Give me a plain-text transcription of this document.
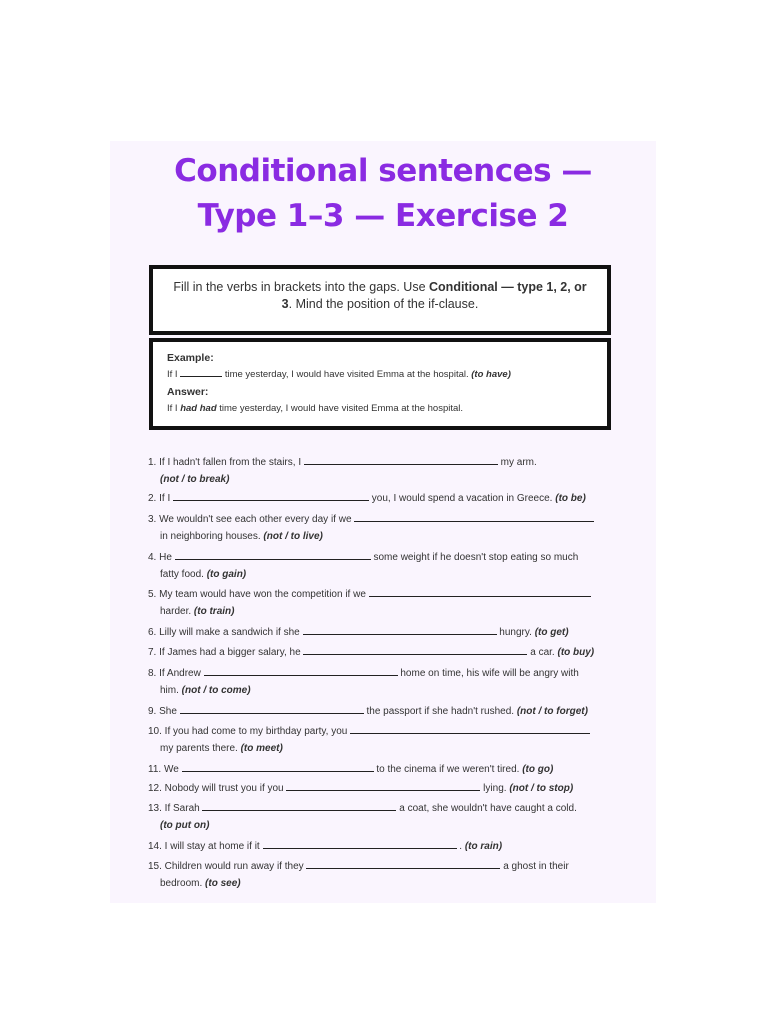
Conditional sentences —
Type 1–3 — Exercise 2
Fill in the verbs in brackets into the gaps. Use Conditional — type 1, 2, or 3. Mind the position of the if-clause.
Example:
If I	time yesterday, I would have visited Emma at the hospital. (to have)
Answer:
If I had had time yesterday, I would have visited Emma at the hospital.
1. If I hadn't fallen from the stairs, I	my arm.
(not / to break)
2. If I	you, I would spend a vacation in Greece. (to be)
3. We wouldn't see each other every day if we
in neighboring houses. (not / to live)
4. He	some weight if he doesn't stop eating so much
fatty food. (to gain)
5. My team would have won the competition if we
harder. (to train)
6. Lilly will make a sandwich if she	hungry. (to get)
7. If James had a bigger salary, he	a car. (to buy)
8. If Andrew	home on time, his wife will be angry with
him. (not / to come)
9. She	the passport if she hadn't rushed. (not / to forget)
10. If you had come to my birthday party, you
my parents there. (to meet)
11. We	to the cinema if we weren't tired. (to go)
12. Nobody will trust you if you	lying. (not / to stop)
13. If Sarah	a coat, she wouldn't have caught a cold.
(to put on)
14. I will stay at home if it	. (to rain)
15. Children would run away if they	a ghost in their
bedroom. (to see)
